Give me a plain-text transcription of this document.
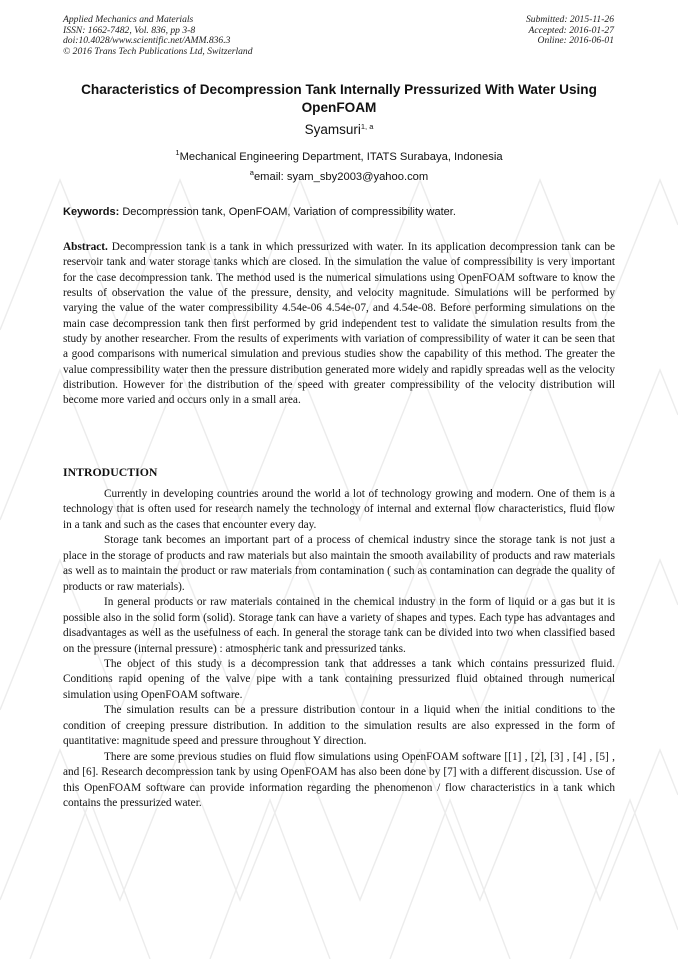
Applied Mechanics and Materials
ISSN: 1662-7482, Vol. 836, pp 3-8
doi:10.4028/www.scientific.net/AMM.836.3
© 2016 Trans Tech Publications Ltd, Switzerland
Submitted: 2015-11-26
Accepted: 2016-01-27
Online: 2016-06-01
Characteristics of Decompression Tank Internally Pressurized With Water Using OpenFOAM
Syamsuri$^{1, a}$
$^1$Mechanical Engineering Department, ITATS Surabaya, Indonesia
$^a$email: syam_sby2003@yahoo.com
Keywords: Decompression tank, OpenFOAM, Variation of compressibility water.

Abstract. Decompression tank is a tank in which pressurized with water. In its application decompression tank can be reservoir tank and water storage tanks which are closed. In the simulation the value of compressibility is very important for the case decompression tank. The method used is the numerical simulations using OpenFOAM software to know the results of observation the value of the pressure, density, and velocity magnitude. Simulations will be performed by varying the value of the water compressibility 4.54e-06 4.54e-07, and 4.54e-08. Before performing simulations on the main case decompression tank then first performed by grid independent test to validate the simulation results from the study by another researcher. From the results of experiments with variation of compressibility of water it can be seen that a good comparisons with numerical simulation and previous studies show the capability of this method. The greater the value compressibility water then the pressure distribution generated more widely and rapidly spreadas well as the velocity distribution. However for the distribution of the speed with greater compressibility of the velocity distribution will become more varied and occurs only in a small area.

INTRODUCTION

Currently in developing countries around the world a lot of technology growing and modern. One of them is a technology that is often used for research namely the technology of internal and external flow characteristics, fluid flow in a tank and such as the cases that encounter every day.

Storage tank becomes an important part of a process of chemical industry since the storage tank is not just a place in the storage of products and raw materials but also maintain the smooth availability of products and raw materials as well as to maintain the product or raw materials from contamination ( such as contamination can degrade the quality of products or raw materials).

In general products or raw materials contained in the chemical industry in the form of liquid or a gas but it is possible also in the solid form (solid). Storage tank can have a variety of shapes and types. Each type has advantages and disadvantages as well as the usefulness of each. In general the storage tank can be divided into two when classified based on the pressure (internal pressure) : atmospheric tank and pressurized tanks.

The object of this study is a decompression tank that addresses a tank which contains pressurized fluid. Conditions rapid opening of the valve pipe with a tank containing pressurized fluid obtained through numerical simulation using OpenFOAM software.

The simulation results can be a pressure distribution contour in a liquid when the initial conditions to the condition of creeping pressure distribution. In addition to the simulation results are also expressed in the form of quantitative: magnitude speed and pressure throughout Y direction.

There are some previous studies on fluid flow simulations using OpenFOAM software [[1] , [2], [3] , [4] , [5] , and [6]. Research decompression tank by using OpenFOAM has also been done by [7] with a different discussion. Use of this OpenFOAM software can provide information regarding the phenomenon / flow characteristics in a tank which contains the pressurized water.
